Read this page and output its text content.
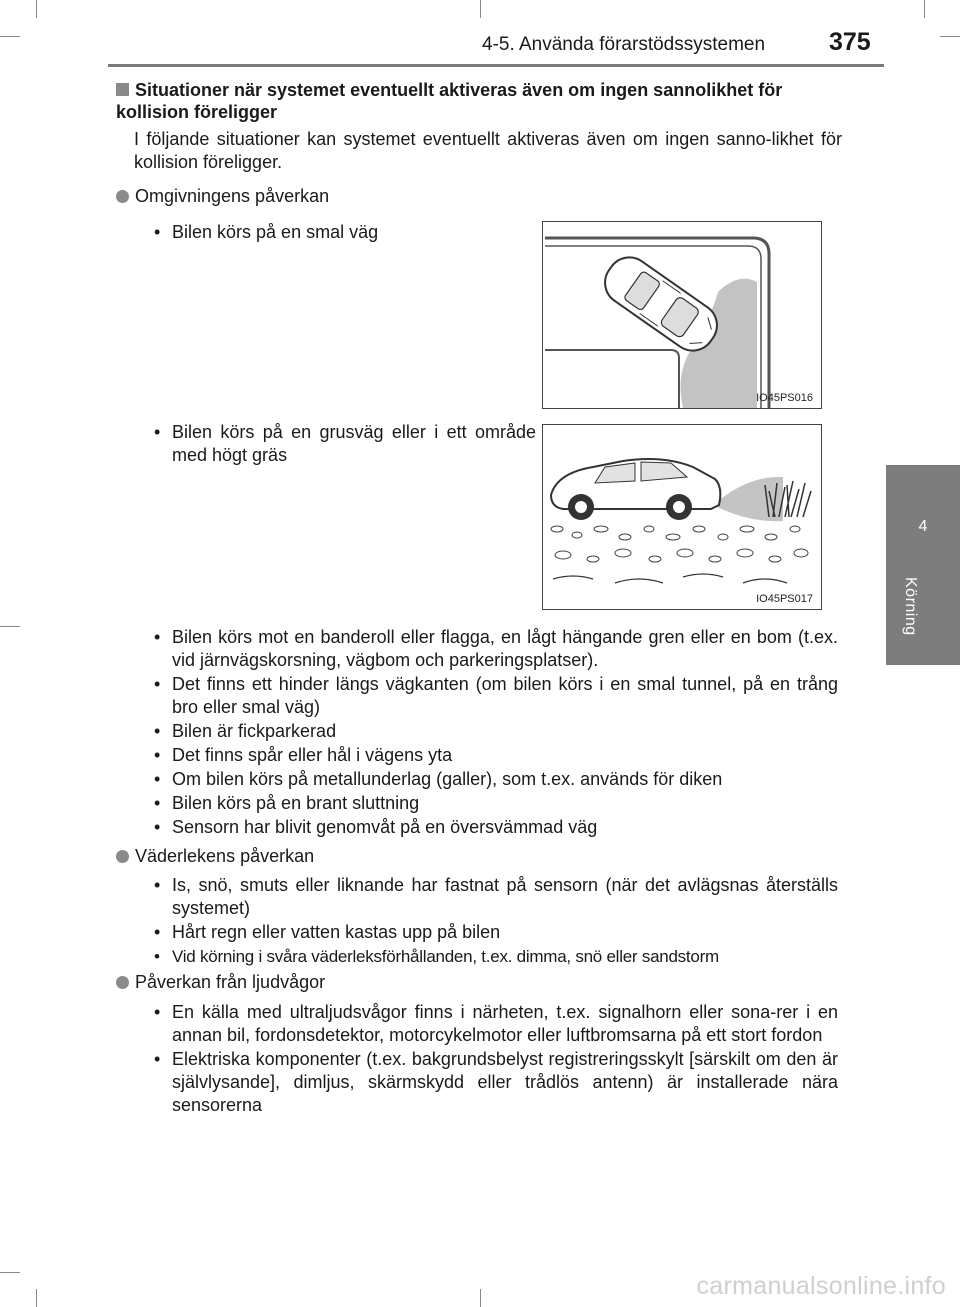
4-5. Använda förarstödssystemen	375
4
Körning
Situationer när systemet eventuellt aktiveras även om ingen sannolikhet för kollision föreligger
I följande situationer kan systemet eventuellt aktiveras även om ingen sanno-likhet för kollision föreligger.
Omgivningens påverkan
• Bilen körs på en smal väg
IO45PS016
• Bilen körs på en grusväg eller i ett område med högt gräs
IO45PS017
• Bilen körs mot en banderoll eller flagga, en lågt hängande gren eller en bom (t.ex. vid järnvägskorsning, vägbom och parkeringsplatser).
• Det finns ett hinder längs vägkanten (om bilen körs i en smal tunnel, på en trång bro eller smal väg)
• Bilen är fickparkerad
• Det finns spår eller hål i vägens yta
• Om bilen körs på metallunderlag (galler), som t.ex. används för diken
• Bilen körs på en brant sluttning
• Sensorn har blivit genomvåt på en översvämmad väg
Väderlekens påverkan
• Is, snö, smuts eller liknande har fastnat på sensorn (när det avlägsnas återställs systemet)
• Hårt regn eller vatten kastas upp på bilen
• Vid körning i svåra väderleksförhållanden, t.ex. dimma, snö eller sandstorm
Påverkan från ljudvågor
• En källa med ultraljudsvågor finns i närheten, t.ex. signalhorn eller sona-rer i en annan bil, fordonsdetektor, motorcykelmotor eller luftbromsarna på ett stort fordon
• Elektriska komponenter (t.ex. bakgrundsbelyst registreringsskylt [särskilt om den är självlysande], dimljus, skärmskydd eller trådlös antenn) är installerade nära sensorerna
carmanualsonline.info
